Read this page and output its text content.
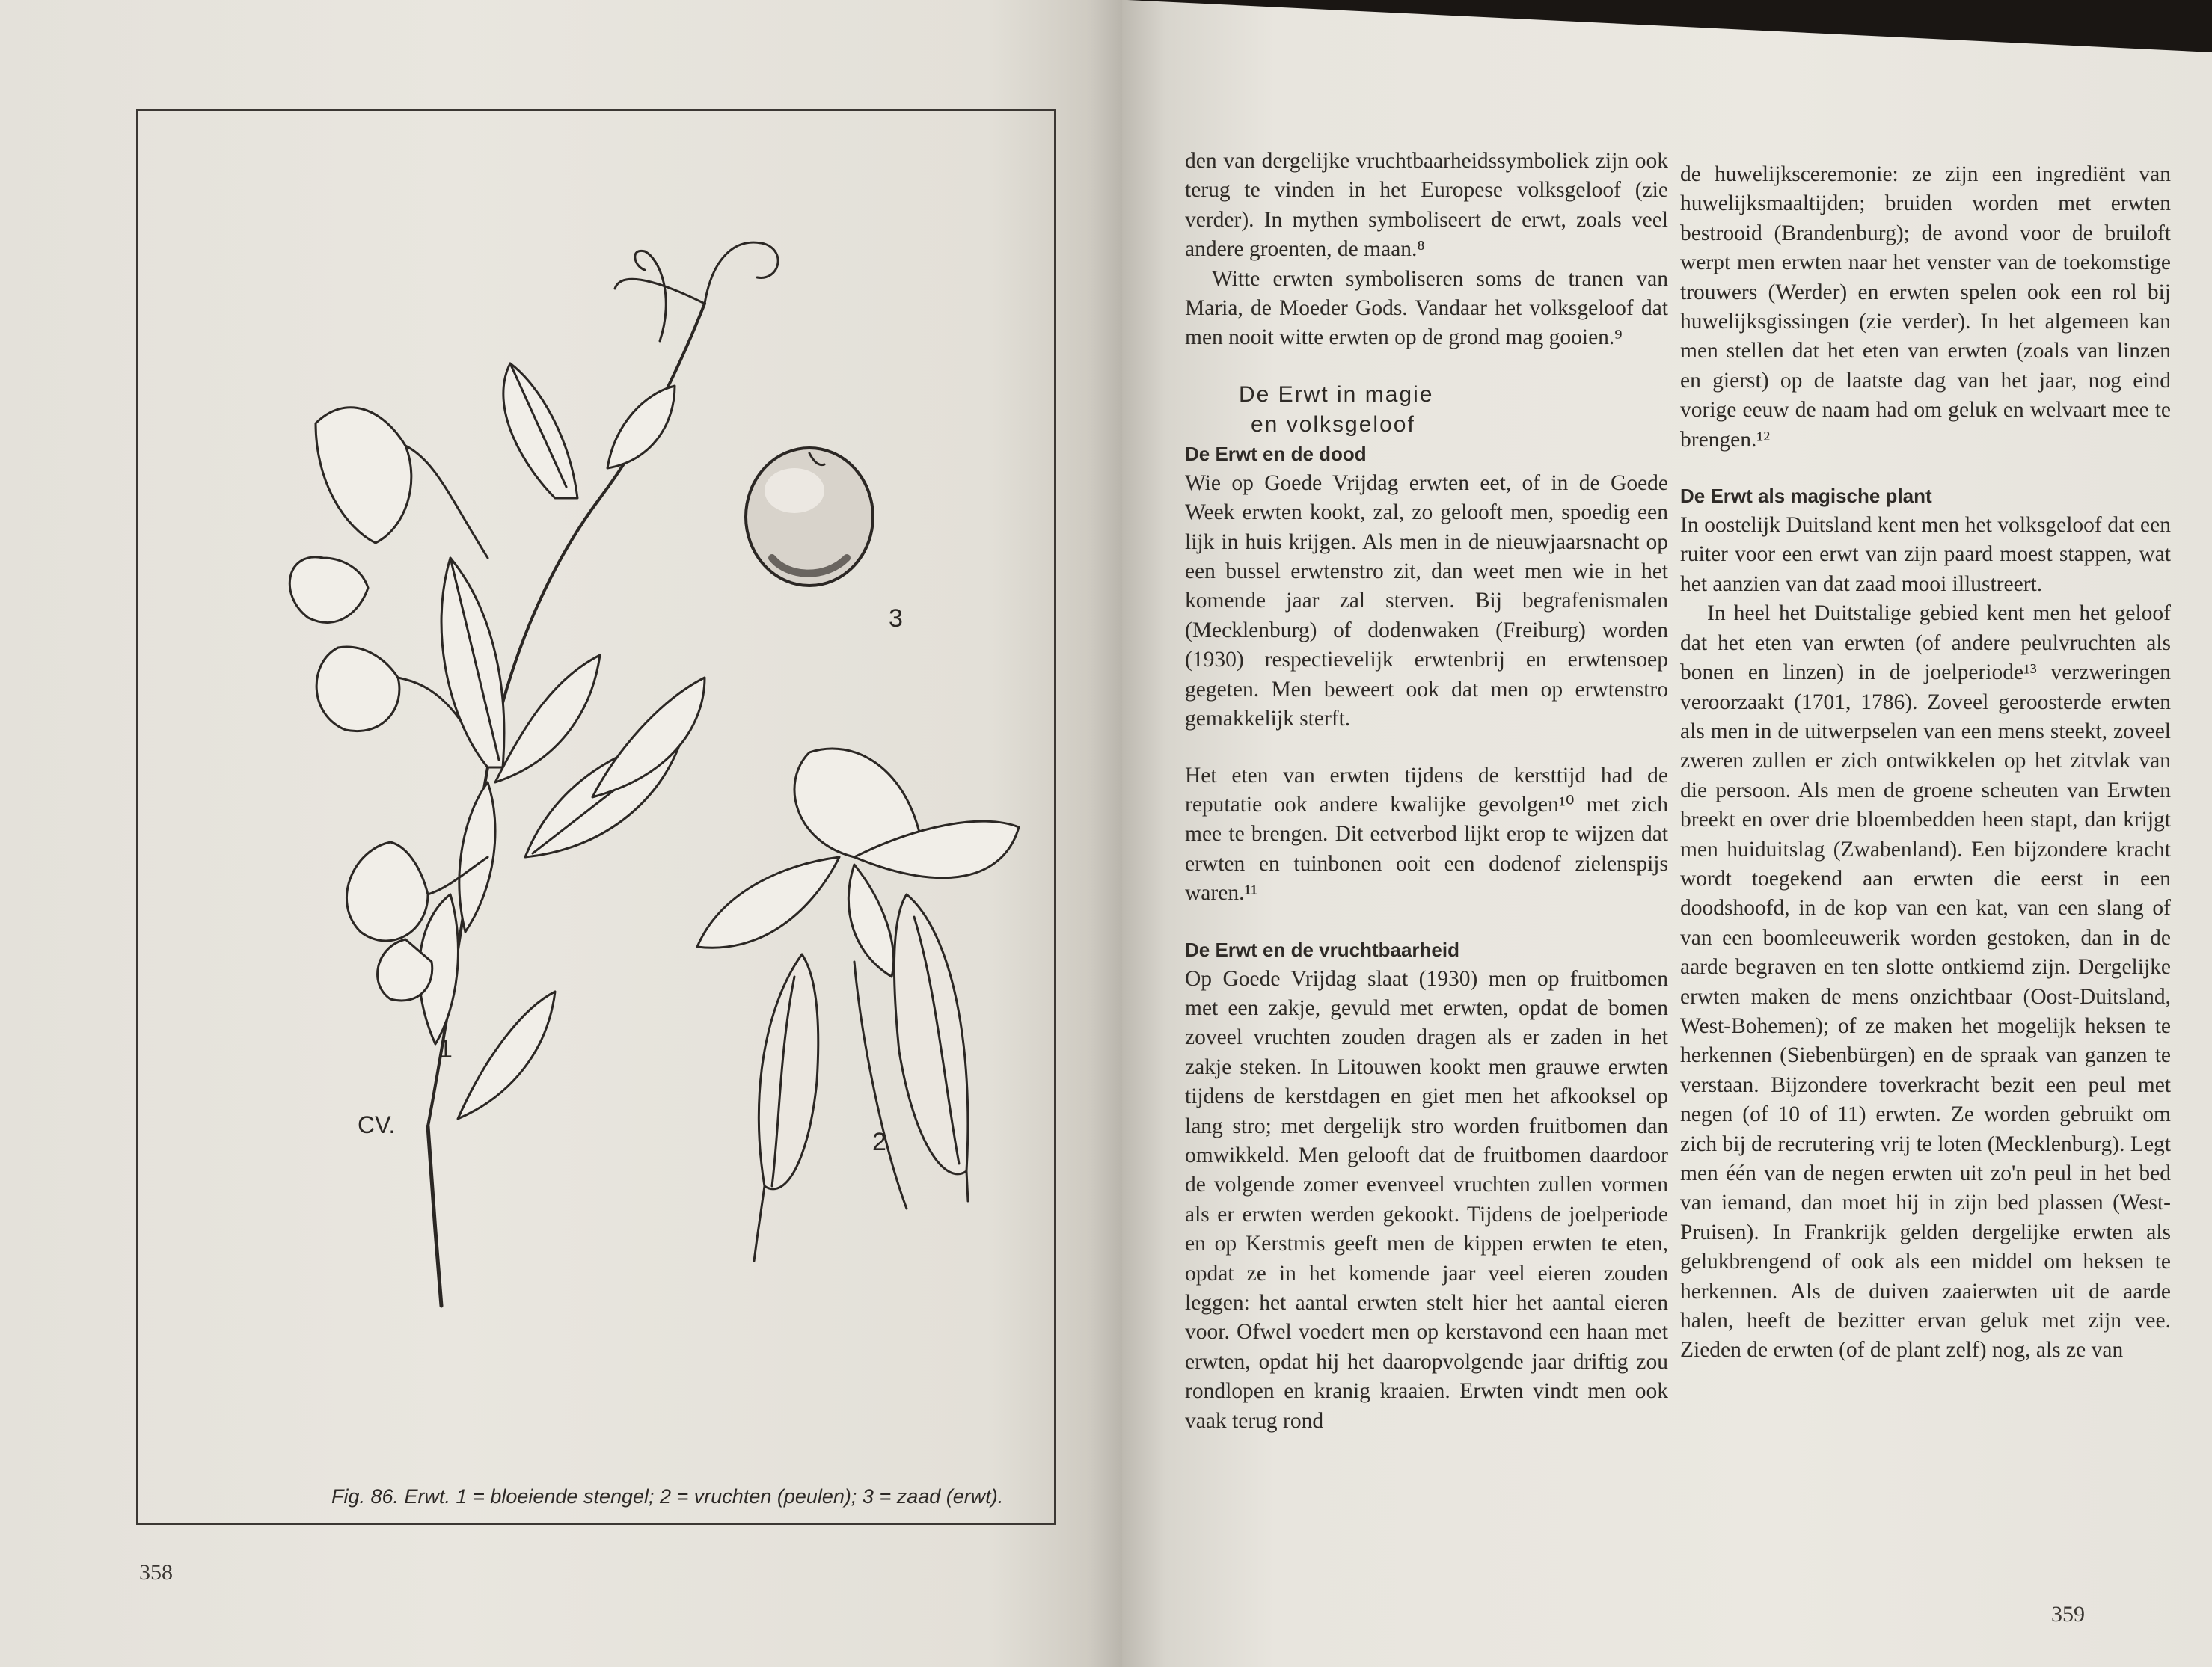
1
2
3
CV.
Fig. 86. Erwt. 1 = bloeiende stengel; 2 = vruchten (peulen); 3 = zaad (erwt).
358

den van dergelijke vruchtbaarheidssymboliek zijn ook terug te vinden in het Europese volksgeloof (zie verder). In mythen symboliseert de erwt, zoals veel andere groenten, de maan.⁸

Witte erwten symboliseren soms de tranen van Maria, de Moeder Gods. Vandaar het volksgeloof dat men nooit witte erwten op de grond mag gooien.⁹

De Erwt in magie
en volksgeloof
De Erwt en de dood

Wie op Goede Vrijdag erwten eet, of in de Goede Week erwten kookt, zal, zo gelooft men, spoedig een lijk in huis krijgen. Als men in de nieuwjaarsnacht op een bussel erwtenstro zit, dan weet men wie in het komende jaar zal sterven. Bij begrafenismalen (Mecklenburg) of dodenwaken (Freiburg) worden (1930) respectievelijk erwtenbrij en erwtensoep gegeten. Men beweert ook dat men op erwtenstro gemakkelijk sterft.

Het eten van erwten tijdens de kersttijd had de reputatie ook andere kwalijke gevolgen¹⁰ met zich mee te brengen. Dit eetverbod lijkt erop te wijzen dat erwten en tuinbonen ooit een dodenof zielenspijs waren.¹¹

De Erwt en de vruchtbaarheid

Op Goede Vrijdag slaat (1930) men op fruitbomen met een zakje, gevuld met erwten, opdat de bomen zoveel vruchten zouden dragen als er zaden in het zakje steken. In Litouwen kookt men grauwe erwten tijdens de kerstdagen en giet men het afkooksel op lang stro; met dergelijk stro worden fruitbomen dan omwikkeld. Men gelooft dat de fruitbomen daardoor de volgende zomer evenveel vruchten zullen vormen als er erwten werden gekookt. Tijdens de joelperiode en op Kerstmis geeft men de kippen erwten te eten, opdat ze in het komende jaar veel eieren zouden leggen: het aantal erwten stelt hier het aantal eieren voor. Ofwel voedert men op kerstavond een haan met erwten, opdat hij het daaropvolgende jaar driftig zou rondlopen en kranig kraaien. Erwten vindt men ook vaak terug rond

de huwelijksceremonie: ze zijn een ingrediënt van huwelijksmaaltijden; bruiden worden met erwten bestrooid (Brandenburg); de avond voor de bruiloft werpt men erwten naar het venster van de toekomstige trouwers (Werder) en erwten spelen ook een rol bij huwelijksgissingen (zie verder). In het algemeen kan men stellen dat het eten van erwten (zoals van linzen en gierst) op de laatste dag van het jaar, nog eind vorige eeuw de naam had om geluk en welvaart mee te brengen.¹²

De Erwt als magische plant

In oostelijk Duitsland kent men het volksgeloof dat een ruiter voor een erwt van zijn paard moest stappen, wat het aanzien van dat zaad mooi illustreert.

In heel het Duitstalige gebied kent men het geloof dat het eten van erwten (of andere peulvruchten als bonen en linzen) in de joelperiode¹³ verzweringen veroorzaakt (1701, 1786). Zoveel geroosterde erwten als men in de uitwerpselen van een mens steekt, zoveel zweren zullen er zich ontwikkelen op het zitvlak van die persoon. Als men de groene scheuten van Erwten breekt en over drie bloembedden heen stapt, dan krijgt men huiduitslag (Zwabenland). Een bijzondere kracht wordt toegekend aan erwten die eerst in een doodshoofd, in de kop van een kat, van een slang of van een boomleeuwerik worden gestoken, dan in de aarde begraven en ten slotte ontkiemd zijn. Dergelijke erwten maken de mens onzichtbaar (Oost-Duitsland, West-Bohemen); of ze maken het mogelijk heksen te herkennen (Siebenbürgen) en de spraak van ganzen te verstaan. Bijzondere toverkracht bezit een peul met negen (of 10 of 11) erwten. Ze worden gebruikt om zich bij de recrutering vrij te loten (Mecklenburg). Legt men één van de negen erwten uit zo'n peul in het bed van iemand, dan moet hij in zijn bed plassen (West-Pruisen). In Frankrijk gelden dergelijke erwten als gelukbrengend of ook als een middel om heksen te herkennen. Als de duiven zaaierwten uit de aarde halen, heeft de bezitter ervan geluk met zijn vee. Zieden de erwten (of de plant zelf) nog, als ze van

359
